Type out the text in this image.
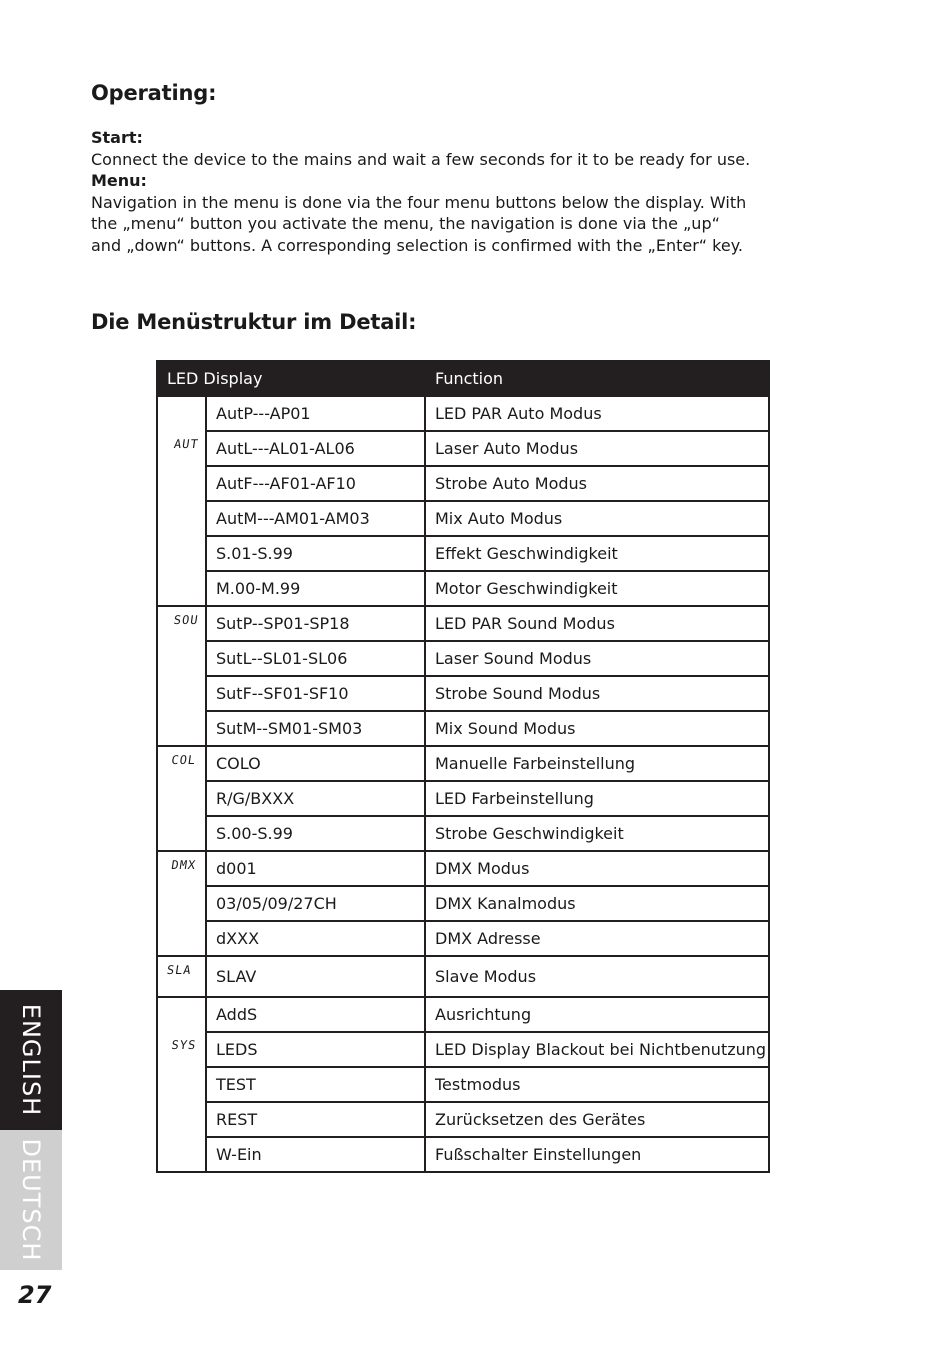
Operating:
Start:

Connect the device to the mains and wait a few seconds for it to be ready for use.

Menu:

Navigation in the menu is done via the four menu buttons below the display. With the „menu“ button you activate the menu, the navigation is done via the „up“ and „down“ buttons. A corresponding selection is confirmed with the „Enter“ key.

Die Menüstruktur im Detail:
LED Display		Function
AUT	AutP---AP01	LED PAR Auto Modus
	AutL---AL01-AL06	Laser Auto Modus
	AutF---AF01-AF10	Strobe Auto Modus
	AutM---AM01-AM03	Mix Auto Modus
	S.01-S.99	Effekt Geschwindigkeit
	M.00-M.99	Motor Geschwindigkeit
SOU	SutP--SP01-SP18	LED PAR Sound Modus
	SutL--SL01-SL06	Laser Sound Modus
	SutF--SF01-SF10	Strobe Sound Modus
	SutM--SM01-SM03	Mix Sound Modus
COL	COLO	Manuelle Farbeinstellung
	R/G/BXXX	LED Farbeinstellung
	S.00-S.99	Strobe Geschwindigkeit
DMX	d001	DMX Modus
	03/05/09/27CH	DMX Kanalmodus
	dXXX	DMX Adresse
SLA	SLAV	Slave Modus
SYS	AddS	Ausrichtung
	LEDS	LED Display Blackout bei Nichtbenutzung
	TEST	Testmodus
	REST	Zurücksetzen des Gerätes
	W-Ein	Fußschalter Einstellungen
ENGLISH
DEUTSCH
27
